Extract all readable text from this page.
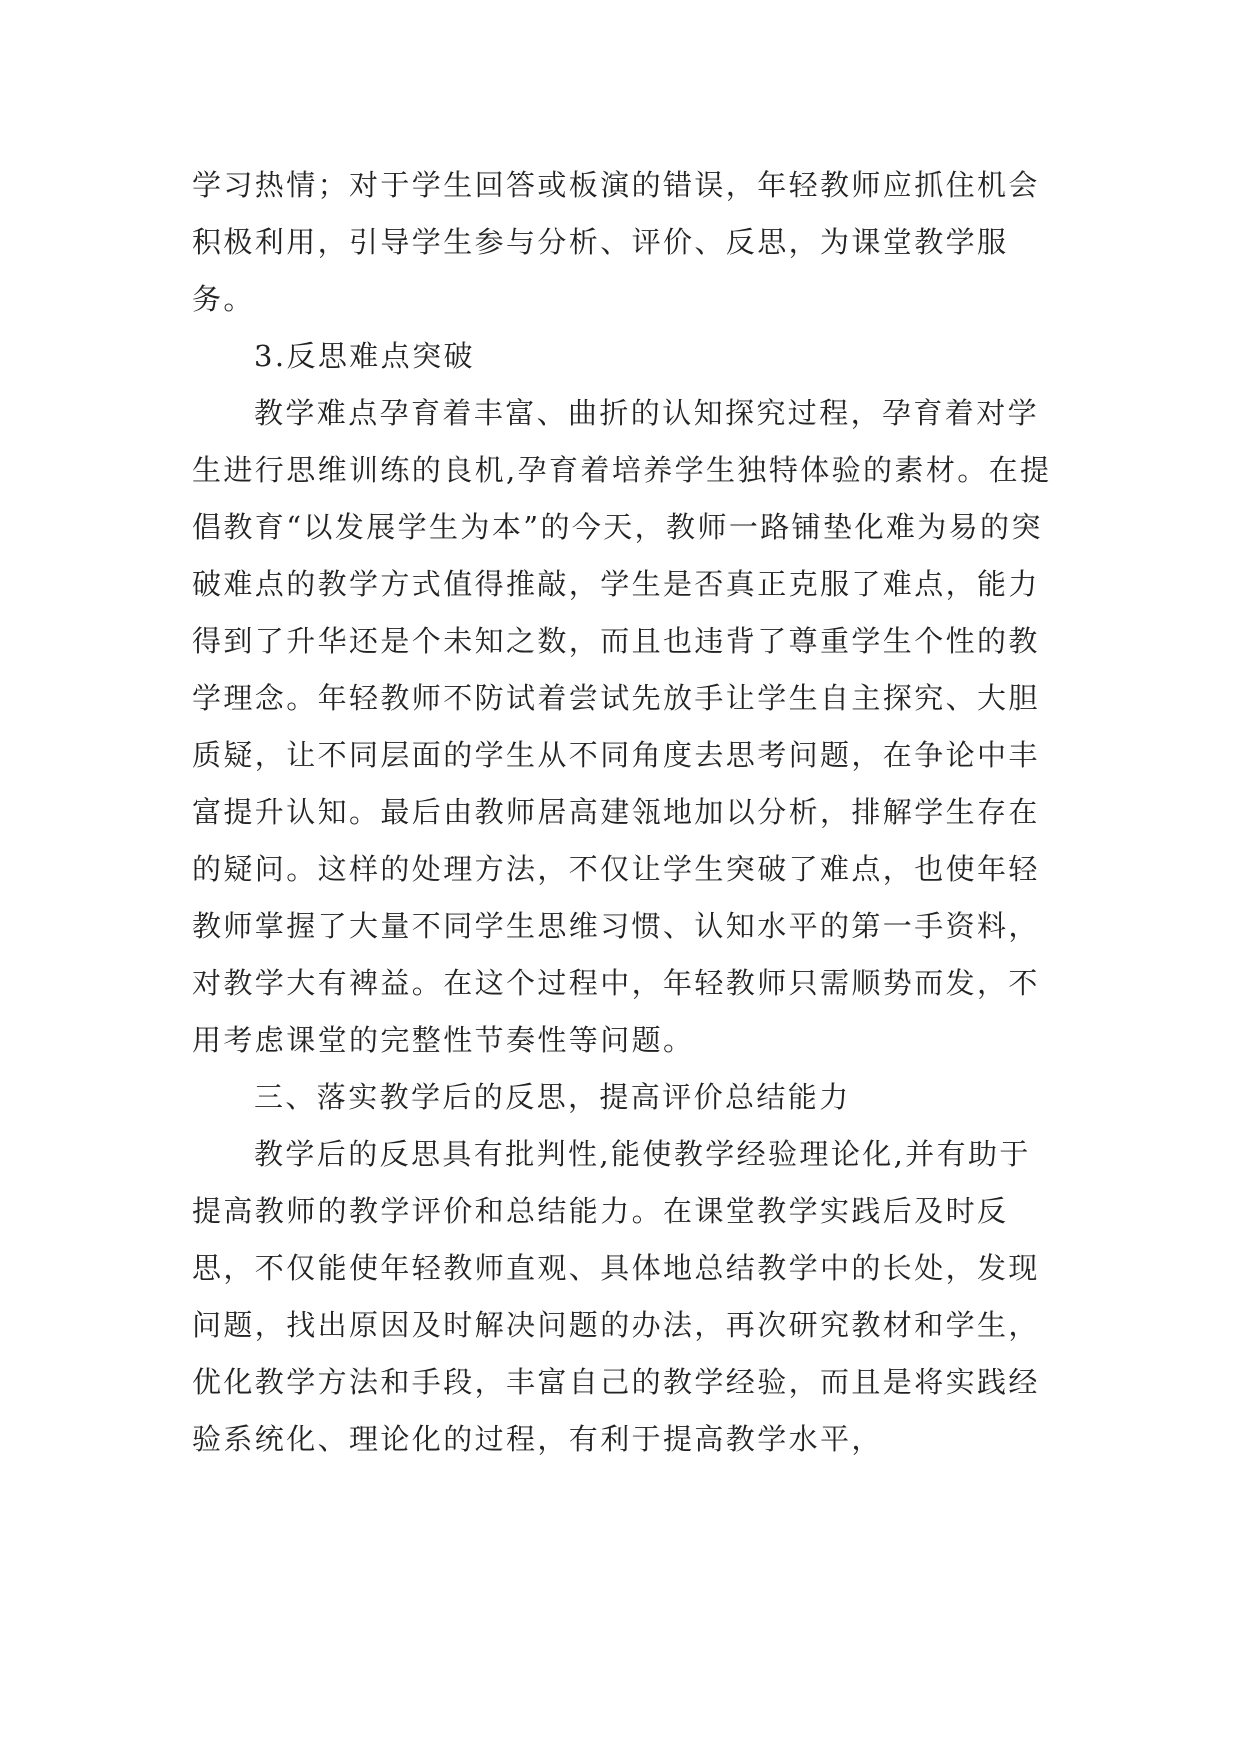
学习热情；对于学生回答或板演的错误，年轻教师应抓住机会积极利用，引导学生参与分析、评价、反思，为课堂教学服务。

3.反思难点突破

教学难点孕育着丰富、曲折的认知探究过程，孕育着对学生进行思维训练的良机,孕育着培养学生独特体验的素材。在提倡教育“以发展学生为本”的今天，教师一路铺垫化难为易的突破难点的教学方式值得推敲，学生是否真正克服了难点，能力得到了升华还是个未知之数，而且也违背了尊重学生个性的教学理念。年轻教师不防试着尝试先放手让学生自主探究、大胆质疑，让不同层面的学生从不同角度去思考问题，在争论中丰富提升认知。最后由教师居高建瓴地加以分析，排解学生存在的疑问。这样的处理方法，不仅让学生突破了难点，也使年轻教师掌握了大量不同学生思维习惯、认知水平的第一手资料，对教学大有裨益。在这个过程中，年轻教师只需顺势而发，不用考虑课堂的完整性节奏性等问题。

三、落实教学后的反思，提高评价总结能力

教学后的反思具有批判性,能使教学经验理论化,并有助于提高教师的教学评价和总结能力。在课堂教学实践后及时反思，不仅能使年轻教师直观、具体地总结教学中的长处，发现问题，找出原因及时解决问题的办法，再次研究教材和学生，优化教学方法和手段，丰富自己的教学经验，而且是将实践经验系统化、理论化的过程，有利于提高教学水平，
